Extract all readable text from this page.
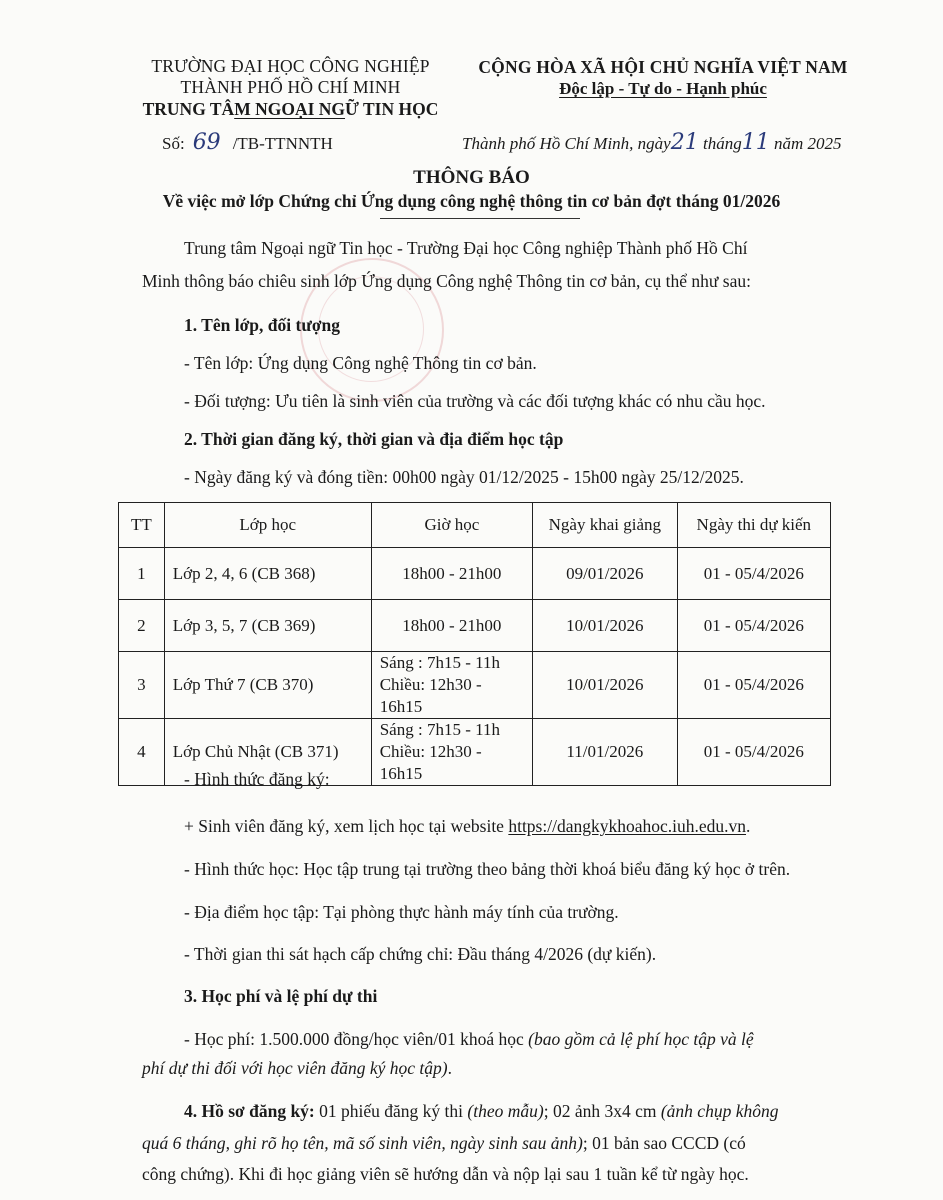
TRƯỜNG ĐẠI HỌC CÔNG NGHIỆP
THÀNH PHỐ HỒ CHÍ MINH
TRUNG TÂM NGOẠI NGỮ TIN HỌC
CỘNG HÒA XÃ HỘI CHỦ NGHĨA VIỆT NAM
Độc lập - Tự do - Hạnh phúc
Số: 69 /TB-TTNNTH	Thành phố Hồ Chí Minh, ngày21 tháng11 năm 2025
THÔNG BÁO
Về việc mở lớp Chứng chỉ Ứng dụng công nghệ thông tin cơ bản đợt tháng 01/2026
Trung tâm Ngoại ngữ Tin học - Trường Đại học Công nghiệp Thành phố Hồ Chí
Minh thông báo chiêu sinh lớp Ứng dụng Công nghệ Thông tin cơ bản, cụ thể như sau:
1. Tên lớp, đối tượng
- Tên lớp: Ứng dụng Công nghệ Thông tin cơ bản.
- Đối tượng: Ưu tiên là sinh viên của trường và các đối tượng khác có nhu cầu học.
2. Thời gian đăng ký, thời gian và địa điểm học tập
- Ngày đăng ký và đóng tiền: 00h00 ngày 01/12/2025 - 15h00 ngày 25/12/2025.
TT	Lớp học	Giờ học	Ngày khai giảng	Ngày thi dự kiến
1	Lớp 2, 4, 6 (CB 368)	18h00 - 21h00	09/01/2026	01 - 05/4/2026
2	Lớp 3, 5, 7 (CB 369)	18h00 - 21h00	10/01/2026	01 - 05/4/2026
3	Lớp Thứ 7 (CB 370)	Sáng : 7h15 - 11h
Chiều: 12h30 - 16h15	10/01/2026	01 - 05/4/2026
4	Lớp Chủ Nhật (CB 371)	Sáng : 7h15 - 11h
Chiều: 12h30 - 16h15	11/01/2026	01 - 05/4/2026
- Hình thức đăng ký:
+ Sinh viên đăng ký, xem lịch học tại website https://dangkykhoahoc.iuh.edu.vn.
- Hình thức học: Học tập trung tại trường theo bảng thời khoá biểu đăng ký học ở trên.
- Địa điểm học tập: Tại phòng thực hành máy tính của trường.
- Thời gian thi sát hạch cấp chứng chỉ: Đầu tháng 4/2026 (dự kiến).
3. Học phí và lệ phí dự thi
- Học phí: 1.500.000 đồng/học viên/01 khoá học (bao gồm cả lệ phí học tập và lệ
phí dự thi đối với học viên đăng ký học tập).
4. Hồ sơ đăng ký: 01 phiếu đăng ký thi (theo mẫu); 02 ảnh 3x4 cm (ảnh chụp không
quá 6 tháng, ghi rõ họ tên, mã số sinh viên, ngày sinh sau ảnh); 01 bản sao CCCD (có
công chứng). Khi đi học giảng viên sẽ hướng dẫn và nộp lại sau 1 tuần kể từ ngày học.
